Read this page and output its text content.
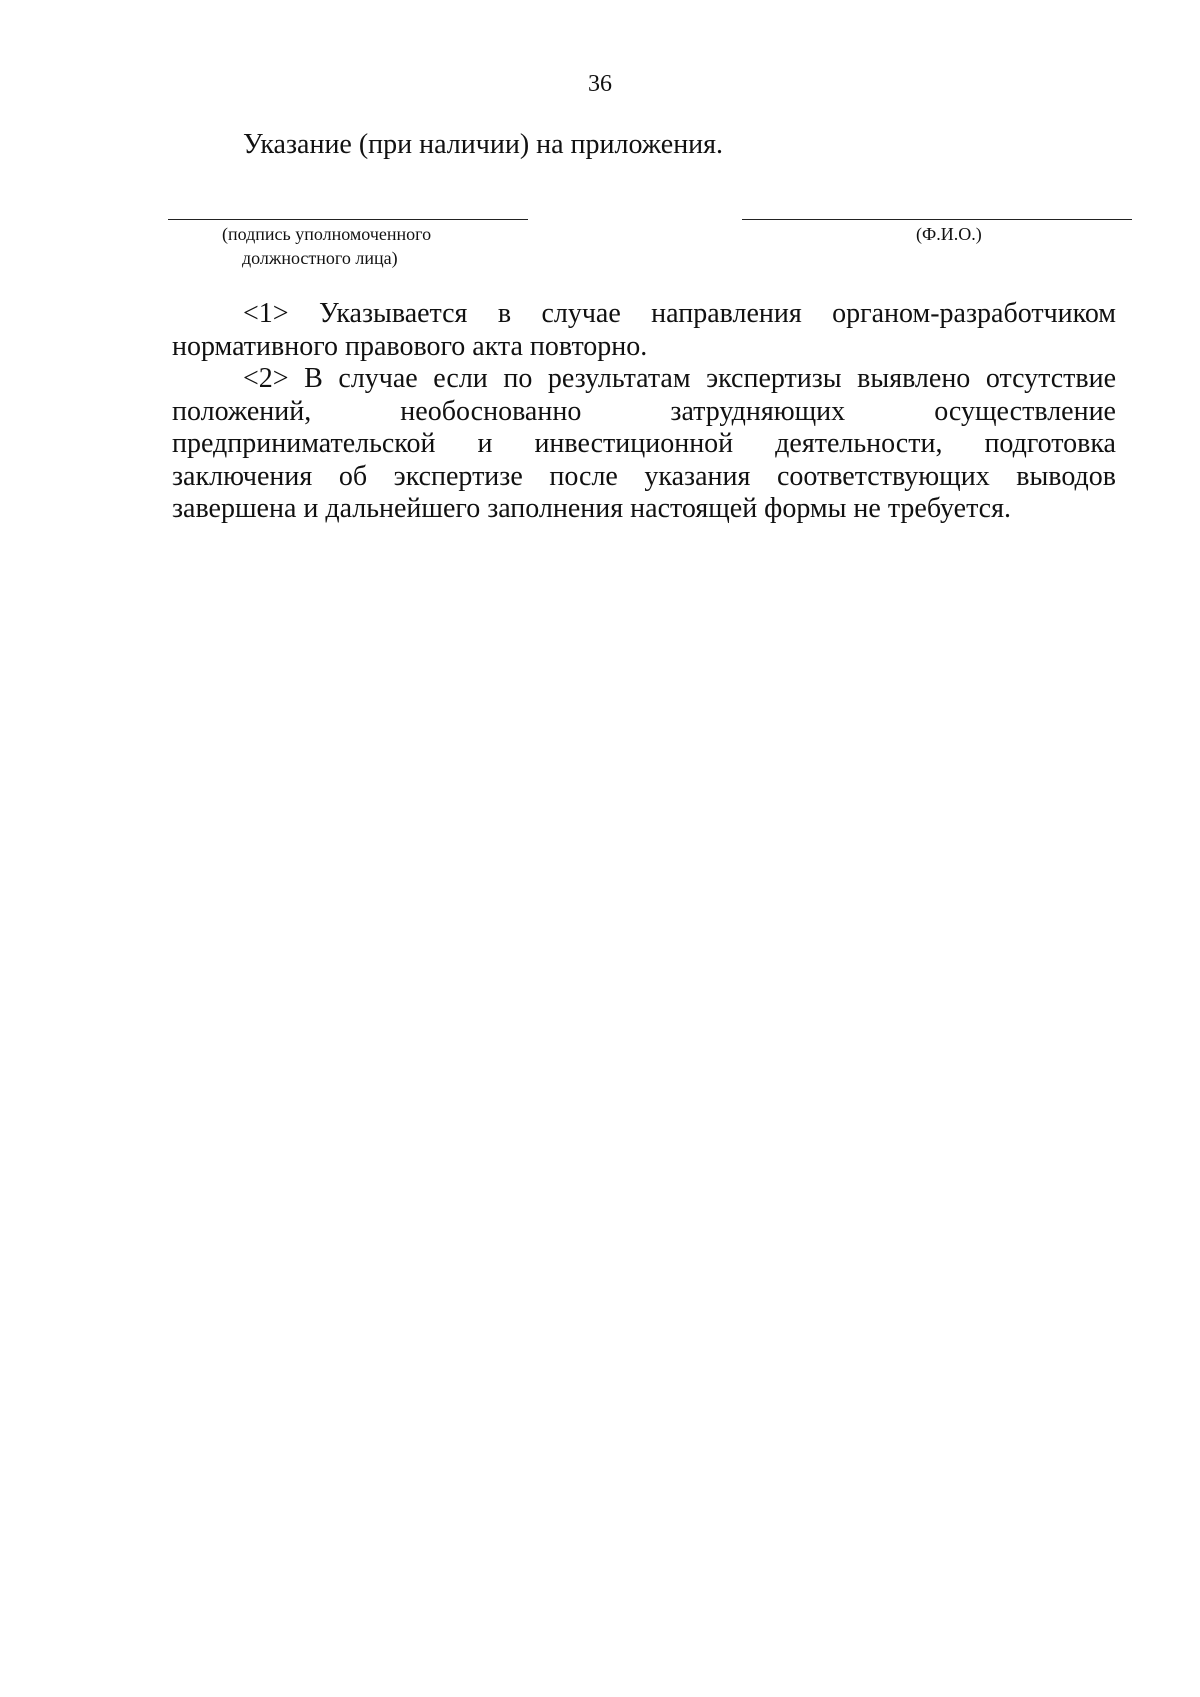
36
Указание (при наличии) на приложения.
(подпись уполномоченного
должностного лица)
(Ф.И.О.)

<1> Указывается в случае направления органом-разработчиком нормативного правового акта повторно.

<2> В случае если по результатам экспертизы выявлено отсутствие положений, необоснованно затрудняющих осуществление предпринимательской и инвестиционной деятельности, подготовка заключения об экспертизе после указания соответствующих выводов завершена и дальнейшего заполнения настоящей формы не требуется.
